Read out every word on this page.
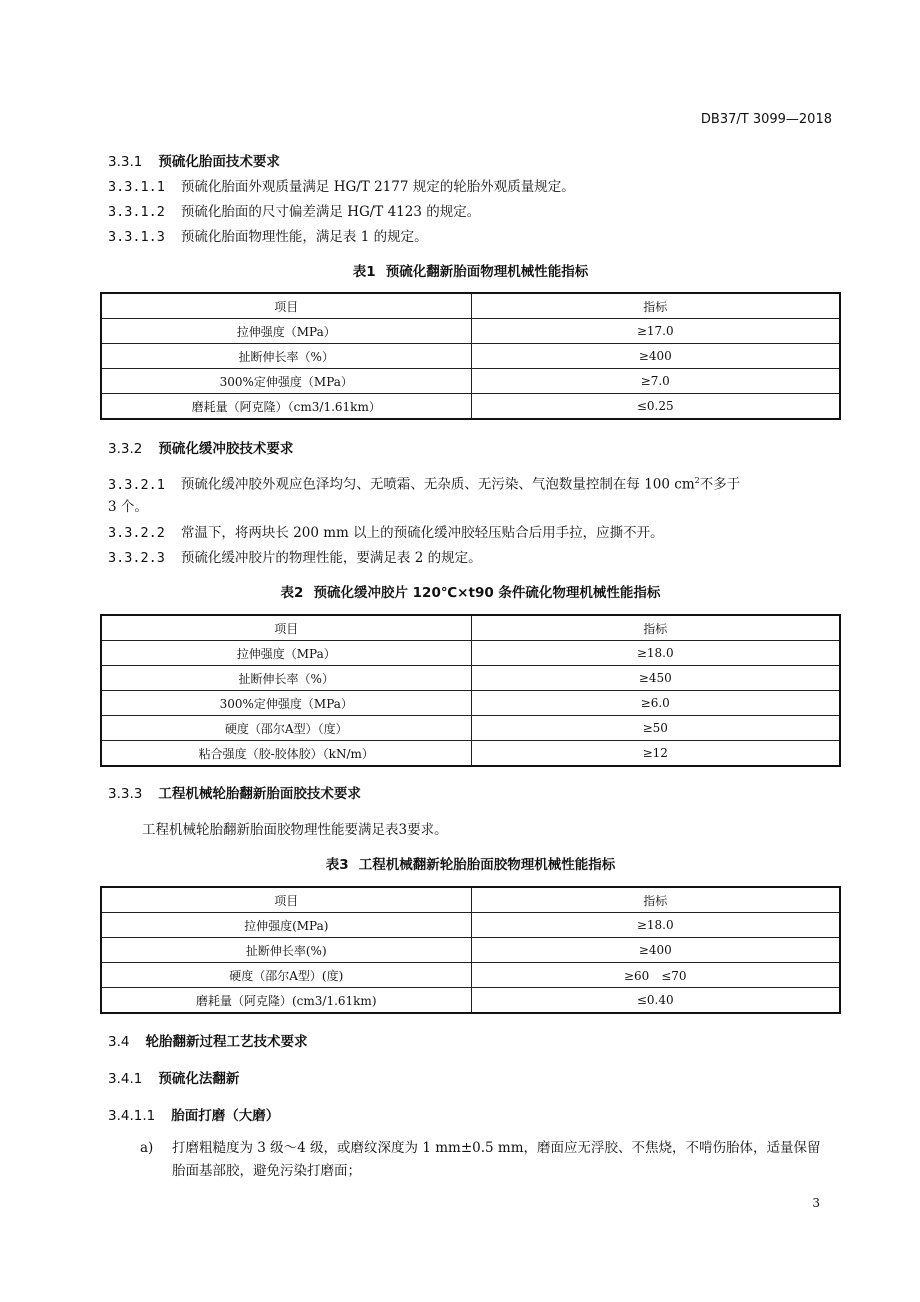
DB37/T 3099—2018
3.3.1 预硫化胎面技术要求
3.3.1.1 预硫化胎面外观质量满足 HG/T 2177 规定的轮胎外观质量规定。
3.3.1.2 预硫化胎面的尺寸偏差满足 HG/T 4123 的规定。
3.3.1.3 预硫化胎面物理性能，满足表 1 的规定。
表1 预硫化翻新胎面物理机械性能指标
项目	指标
拉伸强度（MPa）	≥17.0
扯断伸长率（%）	≥400
300%定伸强度（MPa）	≥7.0
磨耗量（阿克隆）（cm3/1.61km）	≤0.25
3.3.2 预硫化缓冲胶技术要求
3.3.2.1 预硫化缓冲胶外观应色泽均匀、无喷霜、无杂质、无污染、气泡数量控制在每 100 $cm^2$不多于
3 个。
3.3.2.2 常温下，将两块长 200 mm 以上的预硫化缓冲胶轻压贴合后用手拉，应撕不开。
3.3.2.3 预硫化缓冲胶片的物理性能，要满足表 2 的规定。
表2 预硫化缓冲胶片 120℃×t90 条件硫化物理机械性能指标
项目	指标
拉伸强度（MPa）	≥18.0
扯断伸长率（%）	≥450
300%定伸强度（MPa）	≥6.0
硬度（邵尔A型）（度）	≥50
粘合强度（胶-胶体胶）（kN/m）	≥12
3.3.3 工程机械轮胎翻新胎面胶技术要求
工程机械轮胎翻新胎面胶物理性能要满足表3要求。
表3 工程机械翻新轮胎胎面胶物理机械性能指标
项目	指标
拉伸强度(MPa)	≥18.0
扯断伸长率(%)	≥400
硬度（邵尔A型）(度)	≥60　≤70
磨耗量（阿克隆）(cm3/1.61km)	≤0.40
3.4 轮胎翻新过程工艺技术要求
3.4.1 预硫化法翻新
3.4.1.1 胎面打磨（大磨）
a) 打磨粗糙度为 3 级～4 级，或磨纹深度为 1 mm±0.5 mm，磨面应无浮胶、不焦烧，不啃伤胎体，适量保留胎面基部胶，避免污染打磨面；
3
